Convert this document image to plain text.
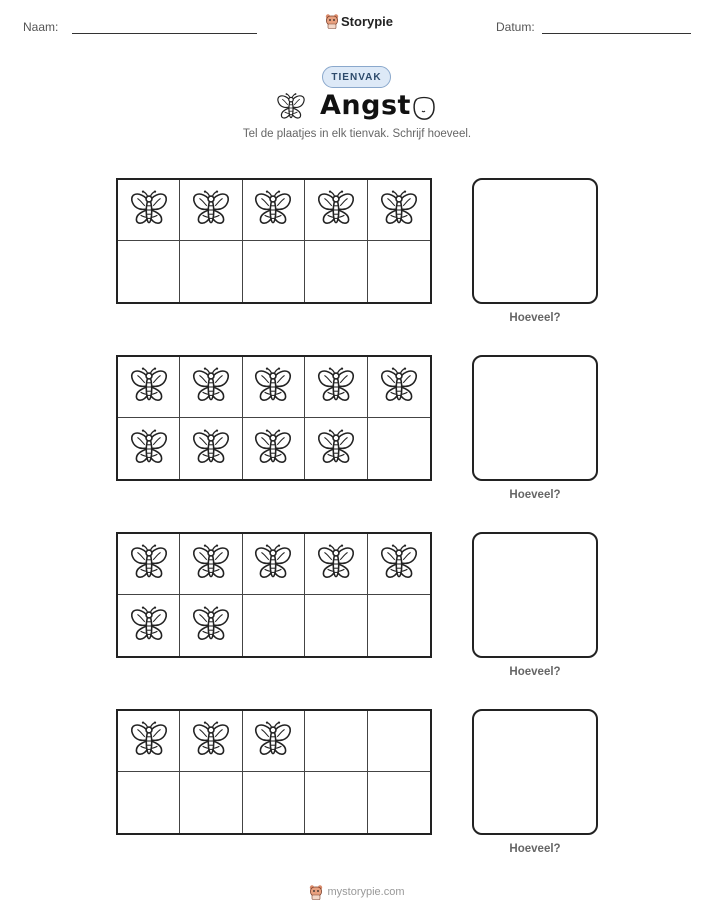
Naam:	Storypie	Datum:
TIENVAK
Angst
Tel de plaatjes in elk tienvak. Schrijf hoeveel.
Hoeveel?
Hoeveel?
Hoeveel?
Hoeveel?
mystorypie.com
